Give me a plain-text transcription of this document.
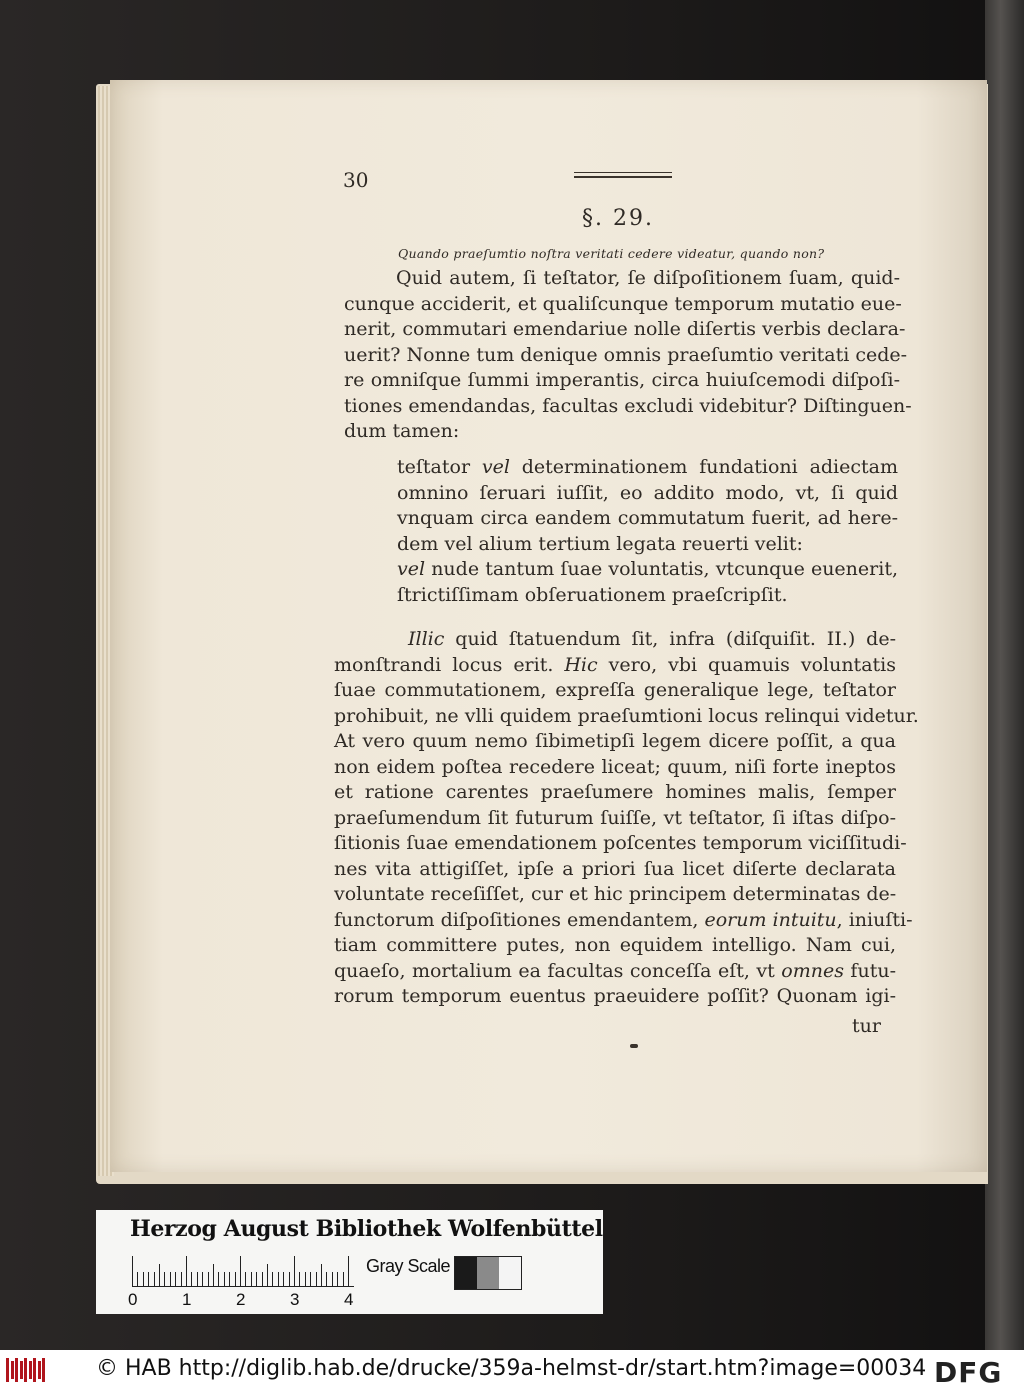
30
§. 29.
Quando praeſumtio noſtra veritati cedere videatur, quando non?
Quid autem, ſi teſtator, ſe diſpoſitionem ſuam, quid-
cunque acciderit, et qualiſcunque temporum mutatio eue-
nerit, commutari emendariue nolle diſertis verbis declara-
uerit? Nonne tum denique omnis praeſumtio veritati cede-
re omniſque ſummi imperantis, circa huiuſcemodi diſpoſi-
tiones emendandas, facultas excludi videbitur? Diſtinguen-
dum tamen:
teſtator vel determinationem fundationi adiectam
omnino ſeruari iuſſit, eo addito modo, vt, ſi quid
vnquam circa eandem commutatum fuerit, ad here-
dem vel alium tertium legata reuerti velit:
vel nude tantum ſuae voluntatis, vtcunque euenerit,
ſtrictiſſimam obſeruationem praeſcripſit.
Illic quid ſtatuendum ſit, infra (diſquiſit. II.) de-
monſtrandi locus erit. Hic vero, vbi quamuis voluntatis
ſuae commutationem, expreſſa generalique lege, teſtator
prohibuit, ne vlli quidem praeſumtioni locus relinqui videtur.
At vero quum nemo ſibimetipſi legem dicere poſſit, a qua
non eidem poſtea recedere liceat; quum, niſi forte ineptos
et ratione carentes praeſumere homines malis, ſemper
praeſumendum ſit futurum ſuiſſe, vt teſtator, ſi iſtas diſpo-
ſitionis ſuae emendationem poſcentes temporum viciſſitudi-
nes vita attigiſſet, ipſe a priori ſua licet diſerte declarata
voluntate receſiſſet, cur et hic principem determinatas de-
functorum diſpoſitiones emendantem, eorum intuitu, iniuſti-
tiam committere putes, non equidem intelligo. Nam cui,
quaeſo, mortalium ea facultas conceſſa eſt, vt omnes futu-
rorum temporum euentus praeuidere poſſit? Quonam igi-
tur
Herzog August Bibliothek Wolfenbüttel
0	1	2	3	4
Gray Scale
© HAB http://diglib.hab.de/drucke/359a-helmst-dr/start.htm?image=00034 DFG
